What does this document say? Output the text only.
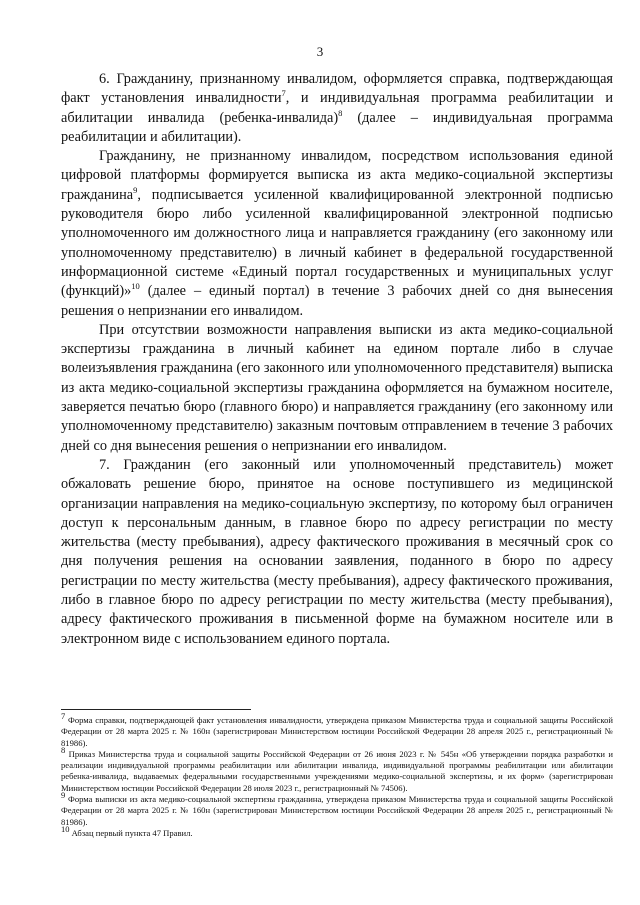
3

6. Гражданину, признанному инвалидом, оформляется справка, подтверждающая факт установления инвалидности$^7$, и индивидуальная программа реабилитации и абилитации инвалида (ребенка-инвалида)$^8$ (далее – индивидуальная программа реабилитации и абилитации).

Гражданину, не признанному инвалидом, посредством использования единой цифровой платформы формируется выписка из акта медико-социальной экспертизы гражданина$^9$, подписывается усиленной квалифицированной электронной подписью руководителя бюро либо усиленной квалифицированной электронной подписью уполномоченного им должностного лица и направляется гражданину (его законному или уполномоченному представителю) в личный кабинет в федеральной государственной информационной системе «Единый портал государственных и муниципальных услуг (функций)»$^{10}$ (далее – единый портал) в течение 3 рабочих дней со дня вынесения решения о непризнании его инвалидом.

При отсутствии возможности направления выписки из акта медико-социальной экспертизы гражданина в личный кабинет на едином портале либо в случае волеизъявления гражданина (его законного или уполномоченного представителя) выписка из акта медико-социальной экспертизы гражданина оформляется на бумажном носителе, заверяется печатью бюро (главного бюро) и направляется гражданину (его законному или уполномоченному представителю) заказным почтовым отправлением в течение 3 рабочих дней со дня вынесения решения о непризнании его инвалидом.

7. Гражданин (его законный или уполномоченный представитель) может обжаловать решение бюро, принятое на основе поступившего из медицинской организации направления на медико-социальную экспертизу, по которому был ограничен доступ к персональным данным, в главное бюро по адресу регистрации по месту жительства (месту пребывания), адресу фактического проживания в месячный срок со дня получения решения на основании заявления, поданного в бюро по адресу регистрации по месту жительства (месту пребывания), адресу фактического проживания, либо в главное бюро по адресу регистрации по месту жительства (месту пребывания), адресу фактического проживания в письменной форме на бумажном носителе или в электронном виде с использованием единого портала.

$^7$ Форма справки, подтверждающей факт установления инвалидности, утверждена приказом Министерства труда и социальной защиты Российской Федерации от 28 марта 2025 г. № 160н (зарегистрирован Министерством юстиции Российской Федерации 28 апреля 2025 г., регистрационный № 81986).

$^8$ Приказ Министерства труда и социальной защиты Российской Федерации от 26 июня 2023 г. № 545н «Об утверждении порядка разработки и реализации индивидуальной программы реабилитации или абилитации инвалида, индивидуальной программы реабилитации или абилитации ребенка-инвалида, выдаваемых федеральными государственными учреждениями медико-социальной экспертизы, и их форм» (зарегистрирован Министерством юстиции Российской Федерации 28 июля 2023 г., регистрационный № 74506).

$^9$ Форма выписки из акта медико-социальной экспертизы гражданина, утверждена приказом Министерства труда и социальной защиты Российской Федерации от 28 марта 2025 г. № 160н (зарегистрирован Министерством юстиции Российской Федерации 28 апреля 2025 г., регистрационный № 81986).

$^{10}$ Абзац первый пункта 47 Правил.
